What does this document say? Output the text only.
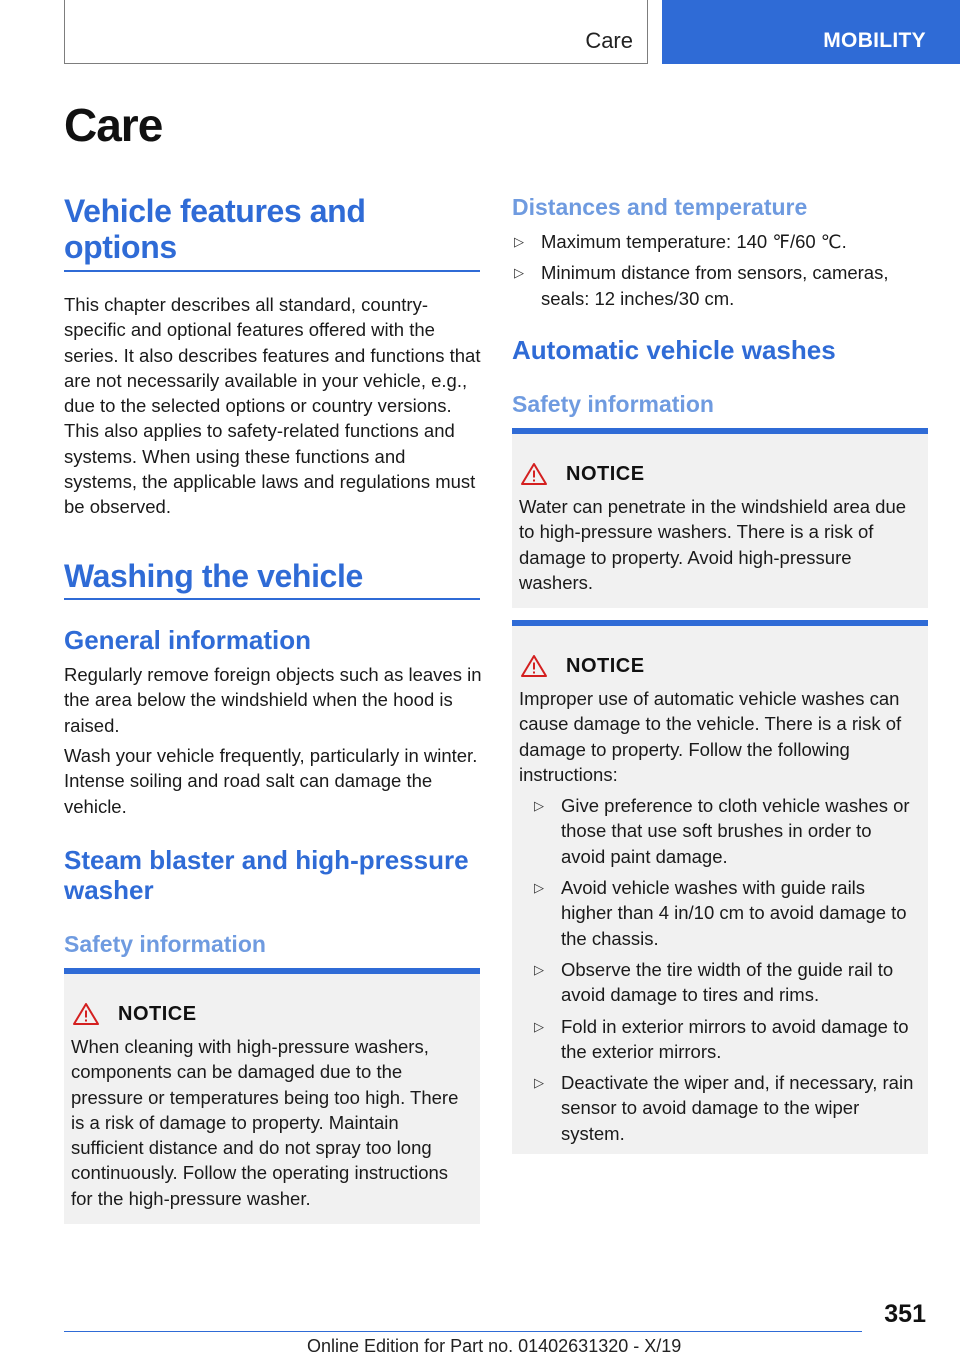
Care	MOBILITY
Care
Vehicle features and options

This chapter describes all standard, country-specific and optional features offered with the series. It also describes features and functions that are not necessarily available in your vehicle, e.g., due to the selected options or country versions. This also applies to safety-related functions and systems. When using these functions and systems, the applicable laws and regulations must be observed.

Washing the vehicle
General information

Regularly remove foreign objects such as leaves in the area below the windshield when the hood is raised.

Wash your vehicle frequently, particularly in winter. Intense soiling and road salt can damage the vehicle.

Steam blaster and high-pressure washer
Safety information
NOTICE

When cleaning with high-pressure washers, components can be damaged due to the pressure or temperatures being too high. There is a risk of damage to property. Maintain sufficient distance and do not spray too long continuously. Follow the operating instructions for the high-pressure washer.

Distances and temperature
▷ Maximum temperature: 140 ℉/60 ℃.
▷ Minimum distance from sensors, cameras, seals: 12 inches/30 cm.
Automatic vehicle washes
Safety information
NOTICE

Water can penetrate in the windshield area due to high-pressure washers. There is a risk of damage to property. Avoid high-pressure washers.

NOTICE

Improper use of automatic vehicle washes can cause damage to the vehicle. There is a risk of damage to property. Follow the following instructions:

▷ Give preference to cloth vehicle washes or those that use soft brushes in order to avoid paint damage.
▷ Avoid vehicle washes with guide rails higher than 4 in/10 cm to avoid damage to the chassis.
▷ Observe the tire width of the guide rail to avoid damage to tires and rims.
▷ Fold in exterior mirrors to avoid damage to the exterior mirrors.
▷ Deactivate the wiper and, if necessary, rain sensor to avoid damage to the wiper system.
351
Online Edition for Part no. 01402631320 - X/19
